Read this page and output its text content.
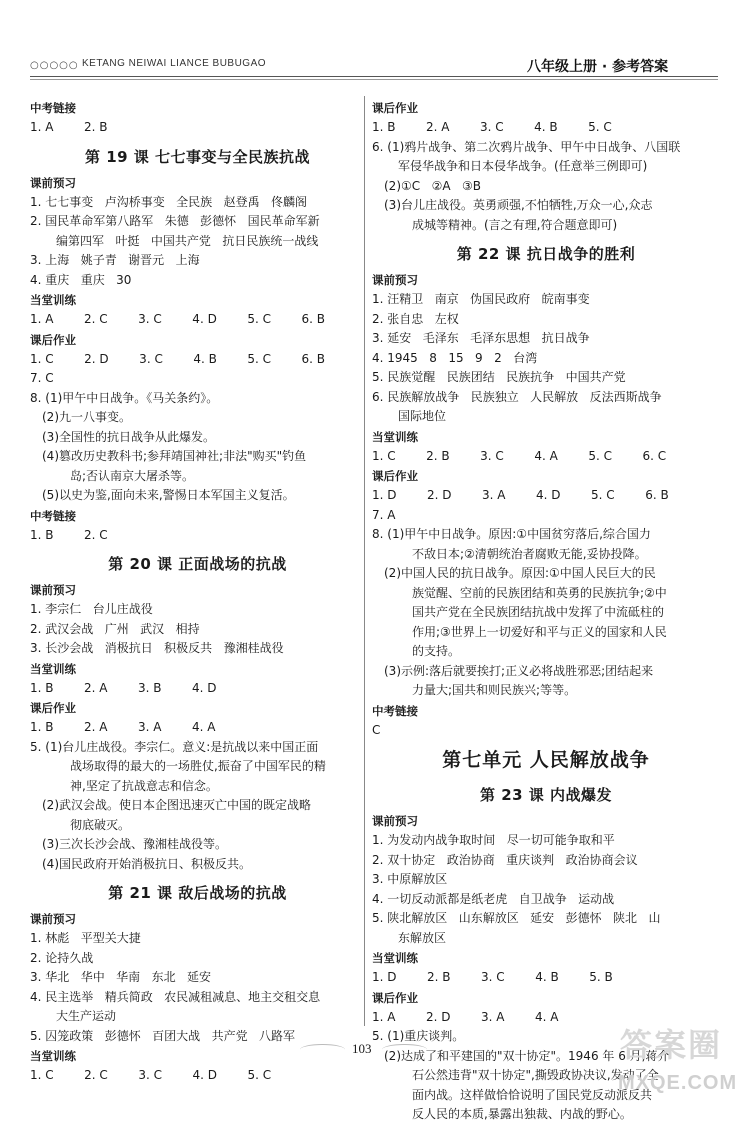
○○○○○ KETANG NEIWAI LIANCE BUBUGAO	八年级上册 · 参考答案
中考链接
1. A        2. B
第 19 课 七七事变与全民族抗战
课前预习
1. 七七事变   卢沟桥事变   全民族   赵登禹   佟麟阁
2. 国民革命军第八路军   朱德   彭德怀   国民革命军新
编第四军   叶挺   中国共产党   抗日民族统一战线
3. 上海   姚子青   谢晋元   上海
4. 重庆   重庆   30
当堂训练
1. A        2. C        3. C        4. D        5. C        6. B
课后作业
1. C        2. D        3. C        4. B        5. C        6. B
7. C
8. (1)甲午中日战争。《马关条约》。
(2)九一八事变。
(3)全国性的抗日战争从此爆发。
(4)篡改历史教科书;参拜靖国神社;非法"购买"钓鱼
岛;否认南京大屠杀等。
(5)以史为鉴,面向未来,警惕日本军国主义复活。
中考链接
1. B        2. C
第 20 课 正面战场的抗战
课前预习
1. 李宗仁   台儿庄战役
2. 武汉会战   广州   武汉   相持
3. 长沙会战   消极抗日   积极反共   豫湘桂战役
当堂训练
1. B        2. A        3. B        4. D
课后作业
1. B        2. A        3. A        4. A
5. (1)台儿庄战役。李宗仁。意义:是抗战以来中国正面
战场取得的最大的一场胜仗,振奋了中国军民的精
神,坚定了抗战意志和信念。
(2)武汉会战。使日本企图迅速灭亡中国的既定战略
彻底破灭。
(3)三次长沙会战、豫湘桂战役等。
(4)国民政府开始消极抗日、积极反共。
第 21 课 敌后战场的抗战
课前预习
1. 林彪   平型关大捷
2. 论持久战
3. 华北   华中   华南   东北   延安
4. 民主选举   精兵简政   农民减租减息、地主交租交息
大生产运动
5. 囚笼政策   彭德怀   百团大战   共产党   八路军
当堂训练
1. C        2. C        3. C        4. D        5. C
课后作业
1. B        2. A        3. C        4. B        5. C
6. (1)鸦片战争、第二次鸦片战争、甲午中日战争、八国联
军侵华战争和日本侵华战争。(任意举三例即可)
(2)①C   ②A   ③B
(3)台儿庄战役。英勇顽强,不怕牺牲,万众一心,众志
成城等精神。(言之有理,符合题意即可)
第 22 课 抗日战争的胜利
课前预习
1. 汪精卫   南京   伪国民政府   皖南事变
2. 张自忠   左权
3. 延安   毛泽东   毛泽东思想   抗日战争
4. 1945   8   15   9   2   台湾
5. 民族觉醒   民族团结   民族抗争   中国共产党
6. 民族解放战争   民族独立   人民解放   反法西斯战争
国际地位
当堂训练
1. C        2. B        3. C        4. A        5. C        6. C
课后作业
1. D        2. D        3. A        4. D        5. C        6. B
7. A
8. (1)甲午中日战争。原因:①中国贫穷落后,综合国力
不敌日本;②清朝统治者腐败无能,妥协投降。
(2)中国人民的抗日战争。原因:①中国人民巨大的民
族觉醒、空前的民族团结和英勇的民族抗争;②中
国共产党在全民族团结抗战中发挥了中流砥柱的
作用;③世界上一切爱好和平与正义的国家和人民
的支持。
(3)示例:落后就要挨打;正义必将战胜邪恶;团结起来
力量大;国共和则民族兴;等等。
中考链接
C
第七单元 人民解放战争
第 23 课 内战爆发
课前预习
1. 为发动内战争取时间   尽一切可能争取和平
2. 双十协定   政治协商   重庆谈判   政治协商会议
3. 中原解放区
4. 一切反动派都是纸老虎   自卫战争   运动战
5. 陕北解放区   山东解放区   延安   彭德怀   陕北   山
东解放区
当堂训练
1. D        2. B        3. C        4. B        5. B
课后作业
1. A        2. D        3. A        4. A
5. (1)重庆谈判。
(2)达成了和平建国的"双十协定"。1946 年 6 月,蒋介
石公然违背"双十协定",撕毁政协决议,发动了全
面内战。这样做恰恰说明了国民党反动派反共
反人民的本质,暴露出独裁、内战的野心。
103	答案圈
MXQE.COM
